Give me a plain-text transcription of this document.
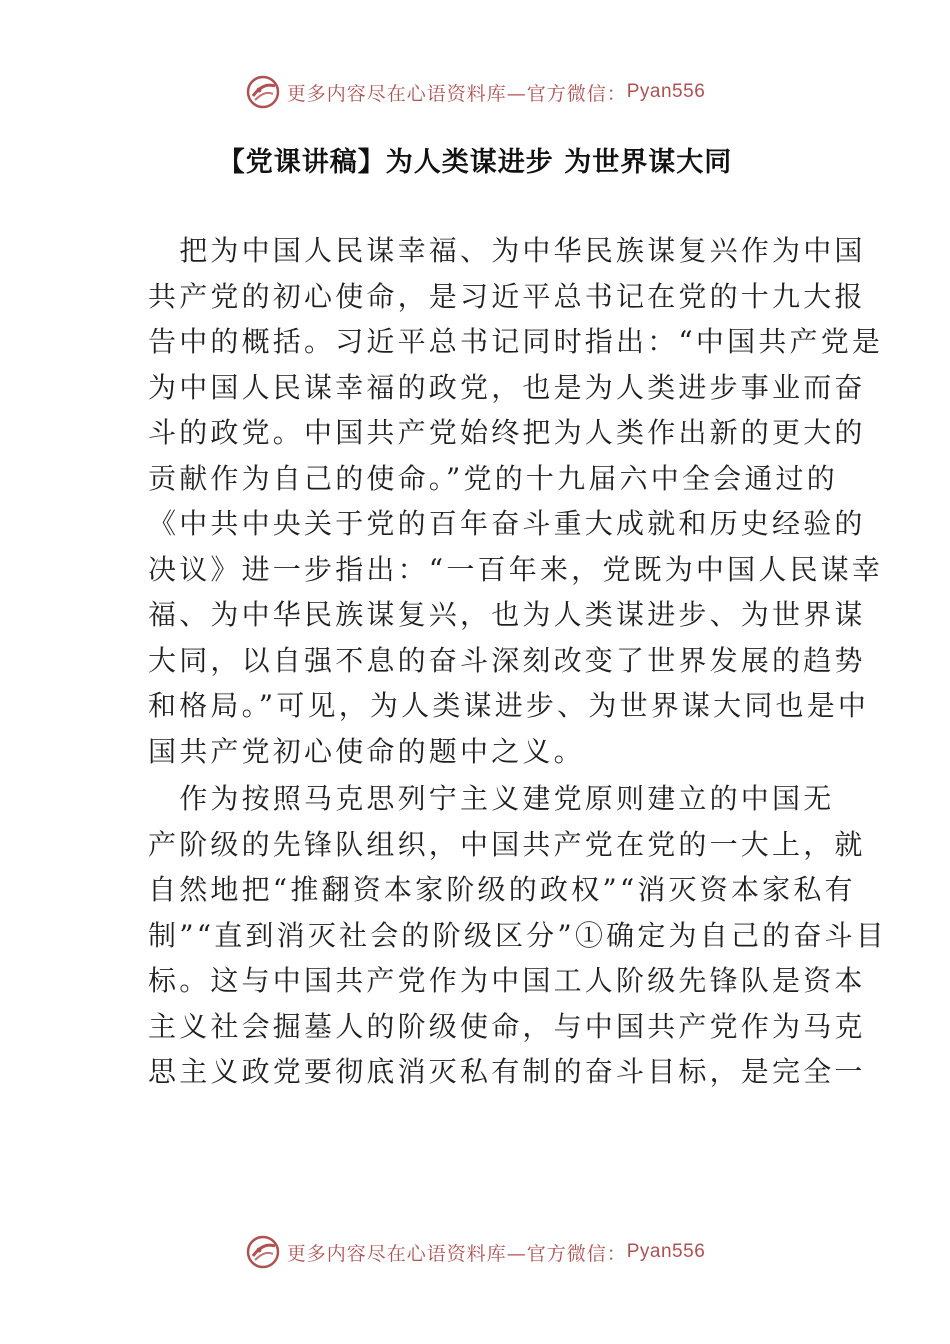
更多内容尽在心语资料库—官方微信： Pyan556
【党课讲稿】为人类谋进步 为世界谋大同
　把为中国人民谋幸福、为中华民族谋复兴作为中国
共产党的初心使命，是习近平总书记在党的十九大报
告中的概括。习近平总书记同时指出：“中国共产党是
为中国人民谋幸福的政党，也是为人类进步事业而奋
斗的政党。中国共产党始终把为人类作出新的更大的
贡献作为自己的使命。”党的十九届六中全会通过的
《中共中央关于党的百年奋斗重大成就和历史经验的
决议》进一步指出：“一百年来，党既为中国人民谋幸
福、为中华民族谋复兴，也为人类谋进步、为世界谋
大同，以自强不息的奋斗深刻改变了世界发展的趋势
和格局。”可见，为人类谋进步、为世界谋大同也是中
国共产党初心使命的题中之义。
　作为按照马克思列宁主义建党原则建立的中国无
产阶级的先锋队组织，中国共产党在党的一大上，就
自然地把“推翻资本家阶级的政权”“消灭资本家私有
制”“直到消灭社会的阶级区分”①确定为自己的奋斗目
标。这与中国共产党作为中国工人阶级先锋队是资本
主义社会掘墓人的阶级使命，与中国共产党作为马克
思主义政党要彻底消灭私有制的奋斗目标，是完全一
更多内容尽在心语资料库—官方微信： Pyan556
